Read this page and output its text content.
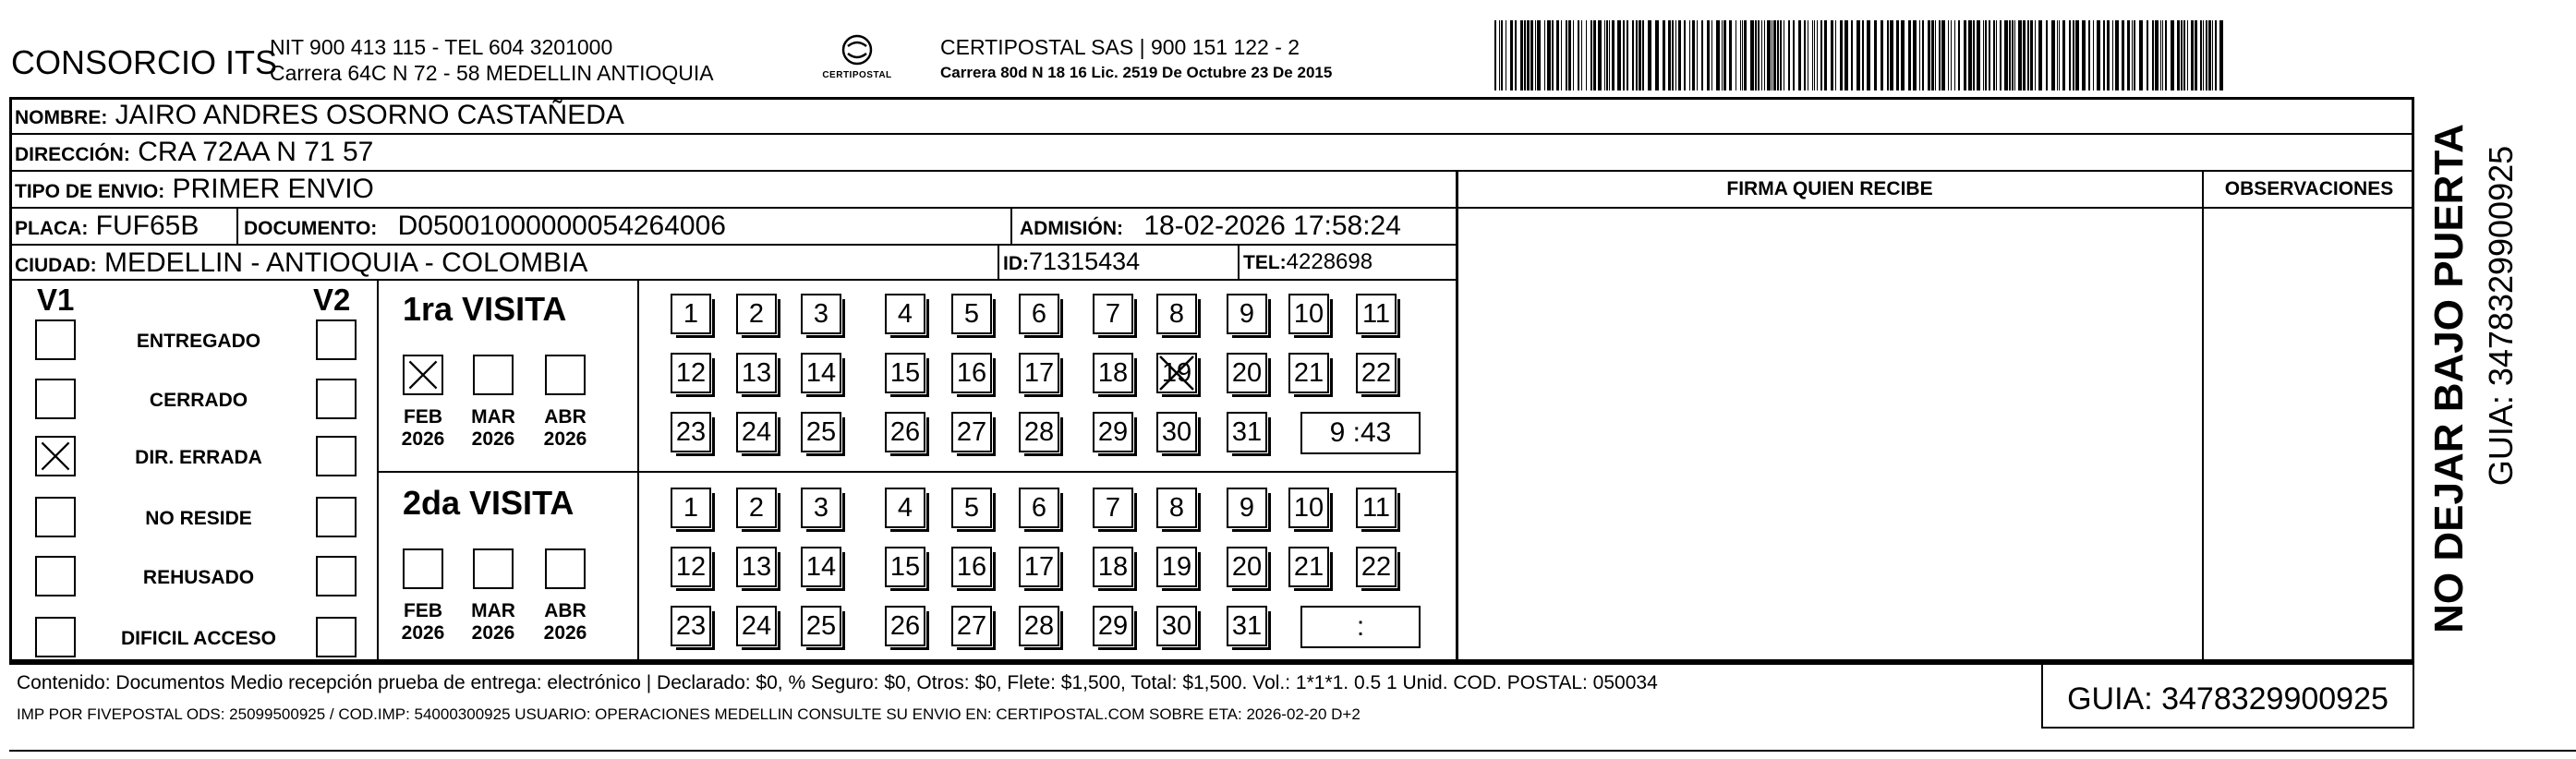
CONSORCIO ITS
NIT 900 413 115 - TEL 604 3201000
Carrera 64C N 72 - 58 MEDELLIN ANTIOQUIA	CERTIPOSTAL
CERTIPOSTAL SAS | 900 151 122 - 2
Carrera 80d N 18 16 Lic. 2519 De Octubre 23 De 2015
NOMBRE: JAIRO ANDRES OSORNO CASTAÑEDA
DIRECCIÓN: CRA 72AA N 71 57
TIPO DE ENVIO: PRIMER ENVIO
PLACA: FUF65B DOCUMENTO: D05001000000054264006	ADMISIÓN: 18-02-2026 17:58:24
CIUDAD: MEDELLIN - ANTIOQUIA - COLOMBIA	ID:71315434	TEL:4228698
FIRMA QUIEN RECIBE	OBSERVACIONES
V1	V2
ENTREGADO
CERRADO
DIR. ERRADA
NO RESIDE
REHUSADO
DIFICIL ACCESO
1ra VISITA
FEB
2026
MAR
2026
ABR
2026
1	2	3	4	5	6	7	8	9	10 11
12 13 14 15 16 17 18 19 20 21 22
23 24 25 26 27 28 29 30 31	9 :43
2da VISITA
FEB
2026
MAR
2026
ABR
2026
1	2	3	4	5	6	7	8	9	10 11
12 13 14 15 16 17 18 19 20 21 22
23 24 25 26 27 28 29 30 31	:
Contenido: Documentos Medio recepción prueba de entrega: electrónico | Declarado: $0, % Seguro: $0, Otros: $0, Flete: $1,500, Total: $1,500. Vol.: 1*1*1. 0.5 1 Unid. COD. POSTAL: 050034
IMP POR FIVEPOSTAL ODS: 25099500925 / COD.IMP: 54000300925 USUARIO: OPERACIONES MEDELLIN CONSULTE SU ENVIO EN: CERTIPOSTAL.COM SOBRE ETA: 2026-02-20 D+2	GUIA: 3478329900925
NO DEJAR BAJO PUERTA GUIA: 3478329900925
